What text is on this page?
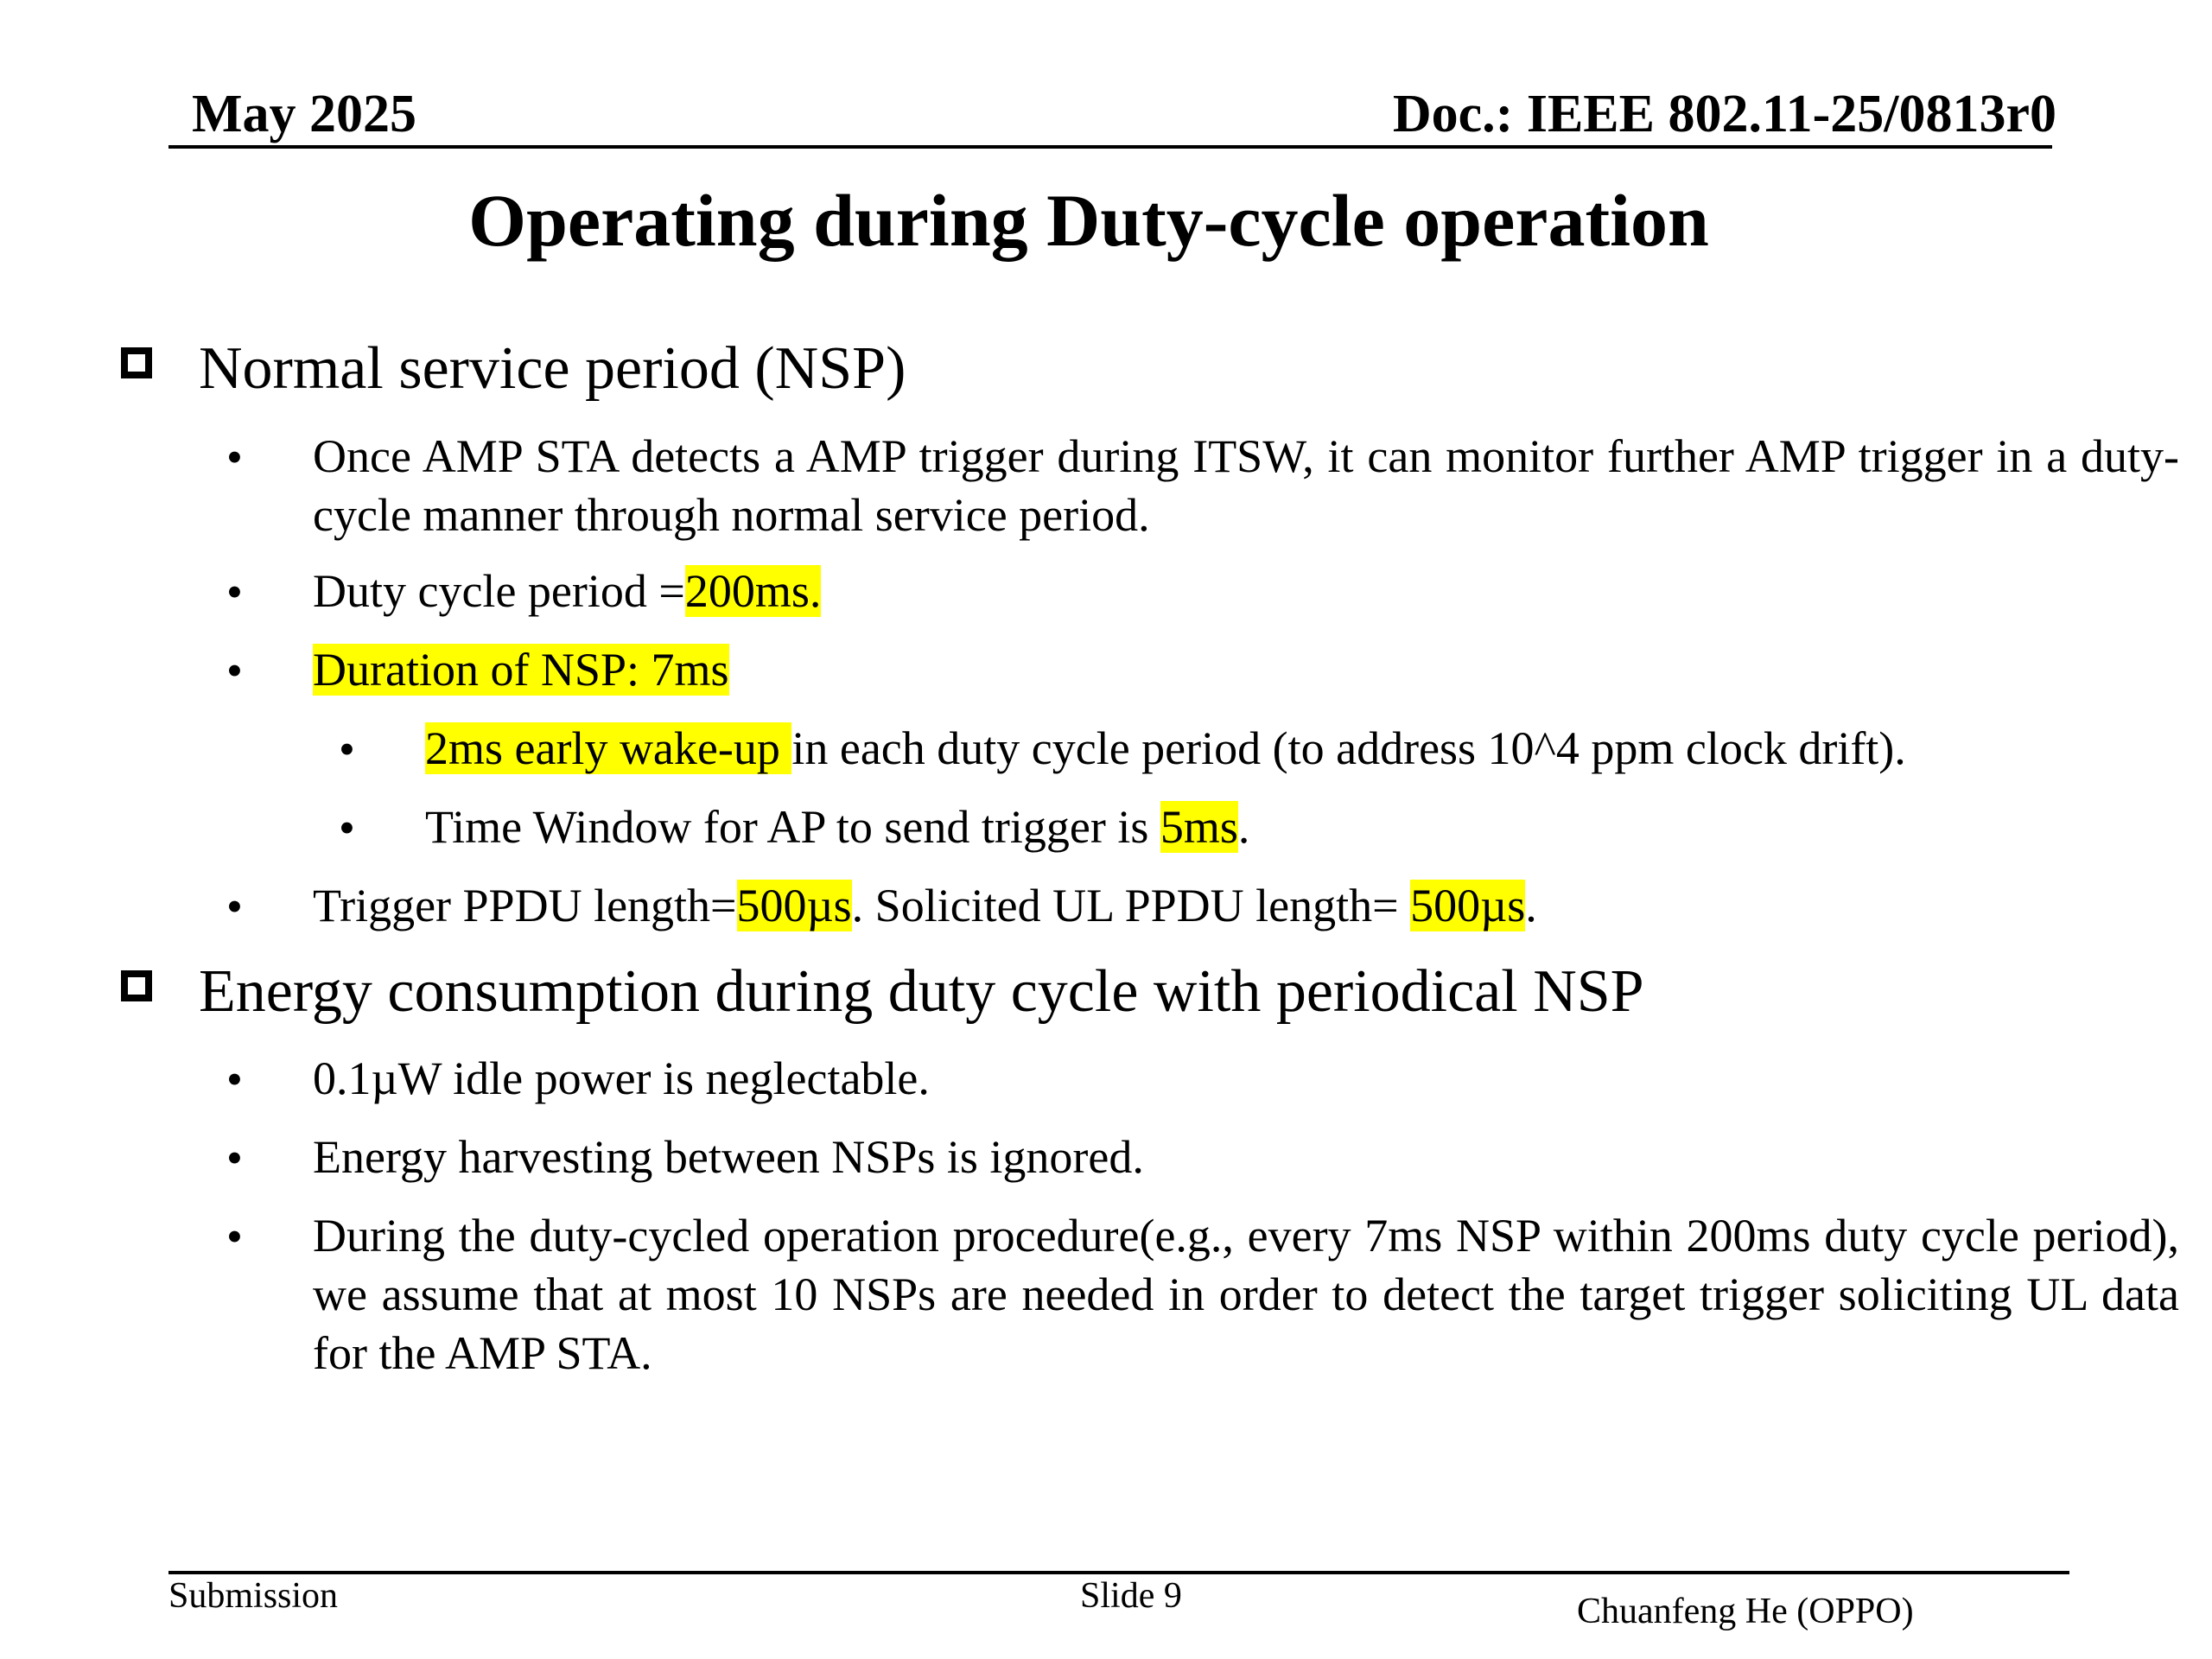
May 2025	Doc.: IEEE 802.11-25/0813r0
Operating during Duty-cycle operation
Normal service period (NSP)
• Once AMP STA detects a AMP trigger during ITSW, it can monitor further AMP trigger in a duty-cycle manner through normal service period.
• Duty cycle period =200ms.
• Duration of NSP: 7ms
• 2ms early wake-up in each duty cycle period (to address 10^4 ppm clock drift).
• Time Window for AP to send trigger is 5ms.
• Trigger PPDU length=500µs. Solicited UL PPDU length= 500µs.
Energy consumption during duty cycle with periodical NSP
• 0.1µW idle power is neglectable.
• Energy harvesting between NSPs is ignored.
• During the duty-cycled operation procedure(e.g., every 7ms NSP within 200ms duty cycle period), we assume that at most 10 NSPs are needed in order to detect the target trigger soliciting UL data for the AMP STA.
Submission	Slide 9	Chuanfeng He (OPPO)
